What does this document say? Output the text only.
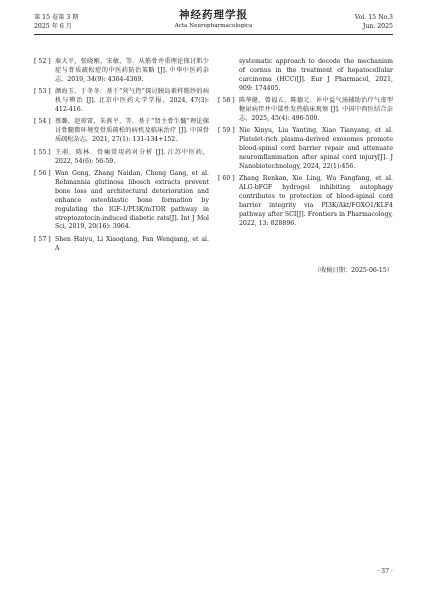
第 15 卷第 3 期
2025 年 6 月
神经药理学报
Acta Neuropharmacologica
Vol. 15 No.3
Jun. 2025
[ 52 ] 秦大平，张晓刚，宋敏，等．从筋骨并重理论探讨肌少症与骨质疏松症的中医药防治策略 [J]. 中华中医药杂志，2019, 34(9): 4364-4369.
[ 53 ] 颜海玉，于冬冬．基于“营气热”探讨胰岛素样筋纱的病机与辨治 [J]. 北京中医药大学学报，2024, 47(3): 412-416.
[ 54 ] 蔡璐，赵琼雷，朱燕平，等．基于“肾主骨生髓”理论探讨骨髓微环境变骨质疏松的病机及临床治疗 [J]. 中国骨质疏松杂志，2021, 27(1): 131-134+152.
[ 55 ] 王萌，陈林．骨痛常用药对分析 [J]. 江苏中医药，2022, 54(6): 56-59.
[ 56 ] Wan Gong, Zhang Naidan, Cheng Gang, et al. Rehmannia glutinosa libosch extracts prevent bone loss and architectural deterioration and enhance osteoblastic bone formation by regulating the IGF-1/PI3K/mTOR pathway in streptozotocin-induced diabetic rats[J]. Int J Mol Sci, 2019, 20(16): 3964.
[ 57 ] Shen Haiyu, Li Xiaoqiang, Fan Wenqiang, et al. A
systematic approach to decode the mechanism of cornus in the treatment of hepatocellular carcinoma (HCC)[J]. Eur J Pharmacol, 2021, 909: 174405.
[ 58 ] 陈华健，曾福五，陈德元．补中益气汤辅助治疗气虚型糖尿病伴并中部性发热临床观察 [J]. 中国中西医结合杂志，2025, 45(4): 496-500.
[ 59 ] Nie Xinyu, Liu Yanting, Xiao Tianyang, et al. Platelet-rich plasma-derived exosomes promote blood-spinal cord barrier repair and attenuate neuroinflammation after spinal cord injury[J]. J Nanobiotechnology, 2024, 22(1):456.
[ 60 ] Zhang Renkan, Xie Ling, Wu Fangfang, et al. ALG-bFGF hydrogel inhibiting autophagy contributes to protection of blood-spinal cord barrier integrity via PI3K/Akt/FOXO1/KLF4 pathway after SCI[J]. Frontiers in Pharmacology, 2022, 13: 828896.
（收稿日期：2025-06-15）
· 37 ·
